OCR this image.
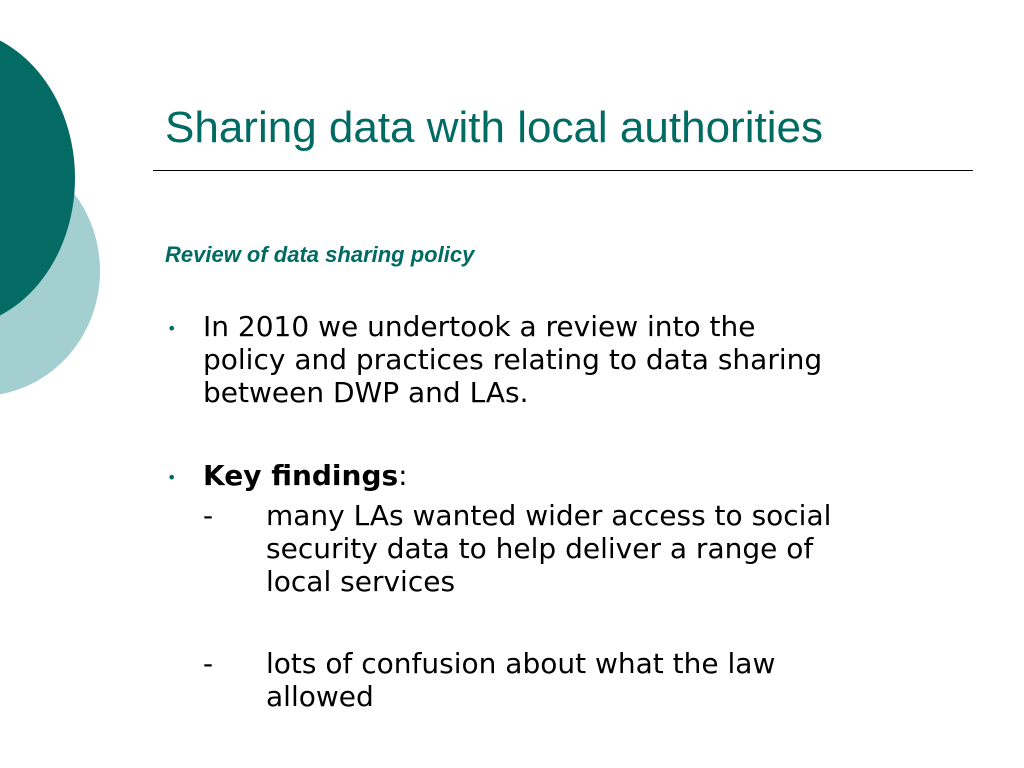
Sharing data with local authorities
Review of data sharing policy
• In 2010 we undertook a review into the
policy and practices relating to data sharing
between DWP and LAs.
• Key findings:
- many LAs wanted wider access to social
security data to help deliver a range of
local services
- lots of confusion about what the law
allowed
